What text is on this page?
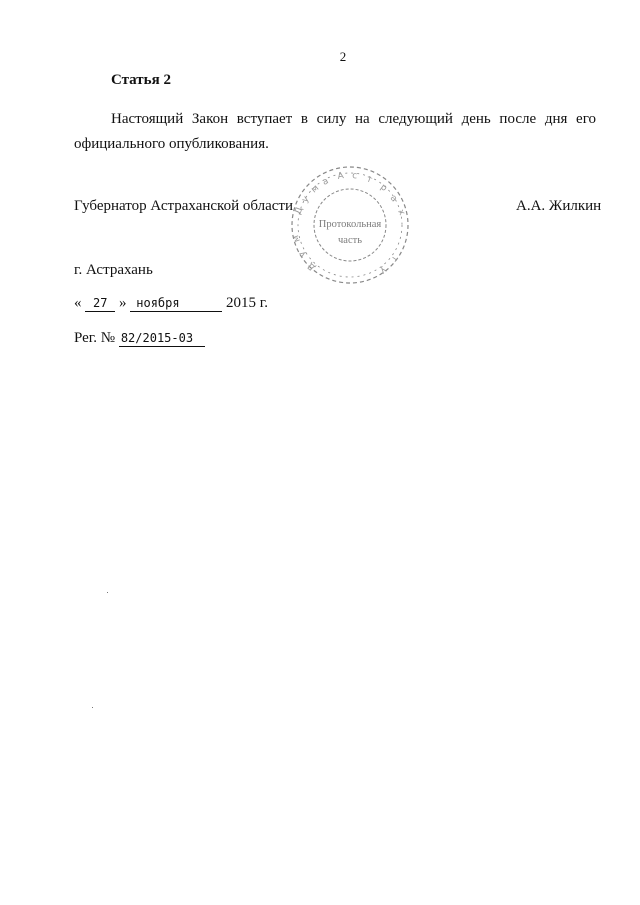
2
Статья 2
Настоящий Закон вступает в силу на следующий день после дня его официального опубликования.
Губернатор Астраханской области Д
у
м
а А с т
р
а
х
м
у
Д	у
т
Протокольная
часть
А.А. Жилкин
г. Астрахань
« 27 » ноября	2015 г.
Рег. № 82/2015-03
